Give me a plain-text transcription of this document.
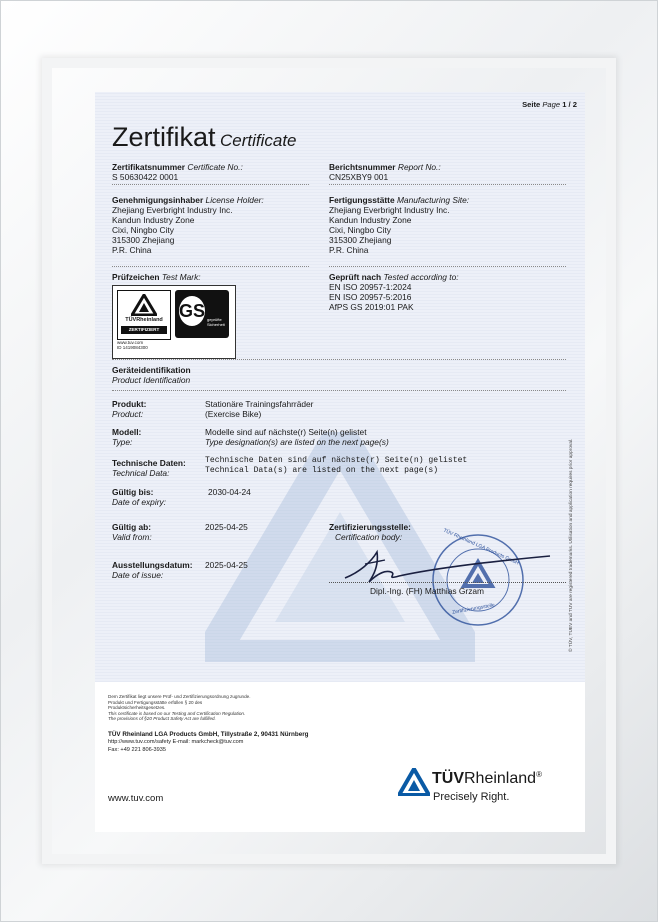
Seite Page 1 / 2
Zertifikat Certificate
Zertifikatsnummer Certificate No.:
S 50630422 0001
Berichtsnummer Report No.:
CN25XBY9 001
Genehmigungsinhaber License Holder:
Zhejiang Everbright Industry Inc.
Kandun Industry Zone
Cixi, Ningbo City
315300 Zhejiang
P.R. China
Fertigungsstätte Manufacturing Site:
Zhejiang Everbright Industry Inc.
Kandun Industry Zone
Cixi, Ningbo City
315300 Zhejiang
P.R. China
Prüfzeichen Test Mark:
TÜVRheinland
ZERTIFIZIERT
GS geprüfte
Sicherheit
www.tuv.com
ID 1419084300
Geprüft nach Tested according to:
EN ISO 20957-1:2024
EN ISO 20957-5:2016
AfPS GS 2019:01 PAK
Geräteidentifikation
Product Identification
Produkt:
Product:
Stationäre Trainingsfahrräder
(Exercise Bike)
Modell:
Type:
Modelle sind auf nächste(r) Seite(n) gelistet
Type designation(s) are listed on the next page(s)
Technische Daten:
Technical Data:
Technische Daten sind auf nächste(r) Seite(n) gelistet
Technical Data(s) are listed on the next page(s)
Gültig bis:
Date of expiry:
2030-04-24
Gültig ab:
Valid from:
2025-04-25
Ausstellungsdatum:
Date of issue:
2025-04-25
Zertifizierungsstelle:
Certification body:	TÜV Rheinland LGA Products GmbH
Zertifizierungsstelle
Dipl.-Ing. (FH) Matthias Grzam	© TÜV, TUEV and TUV are registered trademarks. Utilisation and application requires prior approval.
Dem Zertifikat liegt unsere Prüf- und Zertifizierungsordnung zugrunde.
Produkt und Fertigungsstätte erfüllen § 20 des
Produktsicherheitsgesetzes.
This certificate is based on our Testing and Certification Regulation.
The provisions of §20 Product Safety Act are fulfilled.
TÜV Rheinland LGA Products GmbH, Tillystraße 2, 90431 Nürnberg
http://www.tuv.com/safety E-mail: markcheck@tuv.com
Fax: +49 221 806-3935
www.tuv.com
TÜVRheinland®
Precisely Right.
